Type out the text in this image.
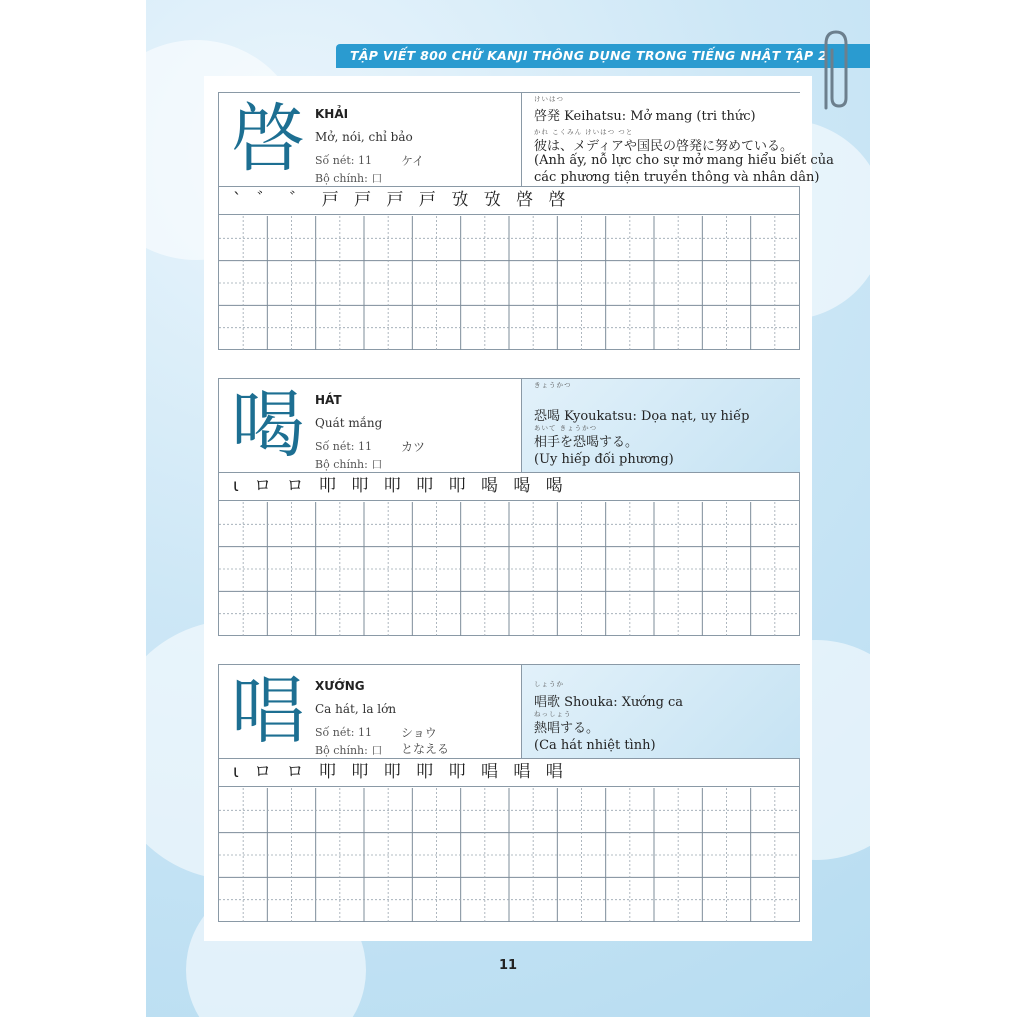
TẬP VIẾT 800 CHỮ KANJI THÔNG DỤNG TRONG TIẾNG NHẬT TẬP 2
啓 KHẢI
Mở, nói, chỉ bảo
Số nét: 11 ケイ
Bộ chính: 口
けいはつ
啓発 Keihatsu: Mở mang (tri thức)
かれ こくみん けいはつ つと
彼は、メディアや国民の啓発に努めている。
(Anh ấy, nỗ lực cho sự mở mang hiểu biết của
các phương tiện truyền thông và nhân dân)
` ゛ ゛ 戸 戸 戸 戸 攷 攷 啓 啓
喝 HÁT
Quát mắng
Số nét: 11 カツ
Bộ chính: 口
きょうかつ
恐喝 Kyoukatsu: Dọa nạt, uy hiếp
あいて きょうかつ
相手を恐喝する。
(Uy hiếp đối phương)
ι ロ ロ 叩 叩 叩 叩 叩 喝 喝 喝
唱 XƯỚNG
Ca hát, la lớn
Số nét: 11 ショウ
Bộ chính: 口 となえる
しょうか
唱歌 Shouka: Xướng ca
ねっしょう
熱唱する。
(Ca hát nhiệt tình)
ι ロ ロ 叩 叩 叩 叩 叩 唱 唱 唱
11
